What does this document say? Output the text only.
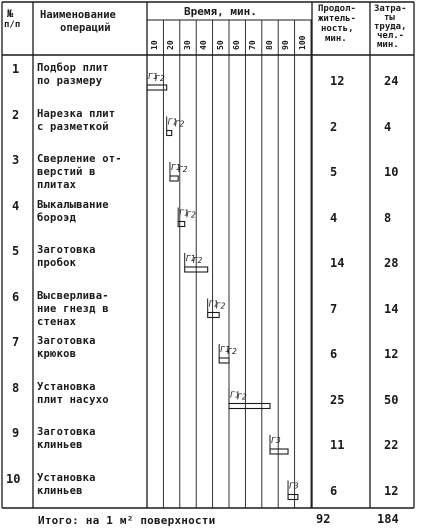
Г1
Г2
Г1
Г2
Г1
Г2
Г1
Г2
Г1
Г2
Г1
Г2
Г1
Г2
Г1
Г2
Г3
Г3
№
п/п
Наименование
операций
Время, мин.	Продол-
житель-
ность,
мин.
Затра-
ты
труда,
чел.-
мин.
10 20 30 40 50 60 70 80 90 100
1 Подбор плит
по размеру	12	24
2 Нарезка плит
с разметкой	2	4
3 Сверление от-
верстий в
плитах
5	10
4 Выкалывание
бороэд	4	8
5 Заготовка
пробок	14	28
6 Высверлива-
ние гнезд в
стенах
7	14
7 Заготовка
крюков	6	12
8 Установка
плит насухо	25	50
9 Заготовка
клиньев	11	22
10 Установка
клиньев	6	12
Итого: на 1 м² поверхности	92	184
